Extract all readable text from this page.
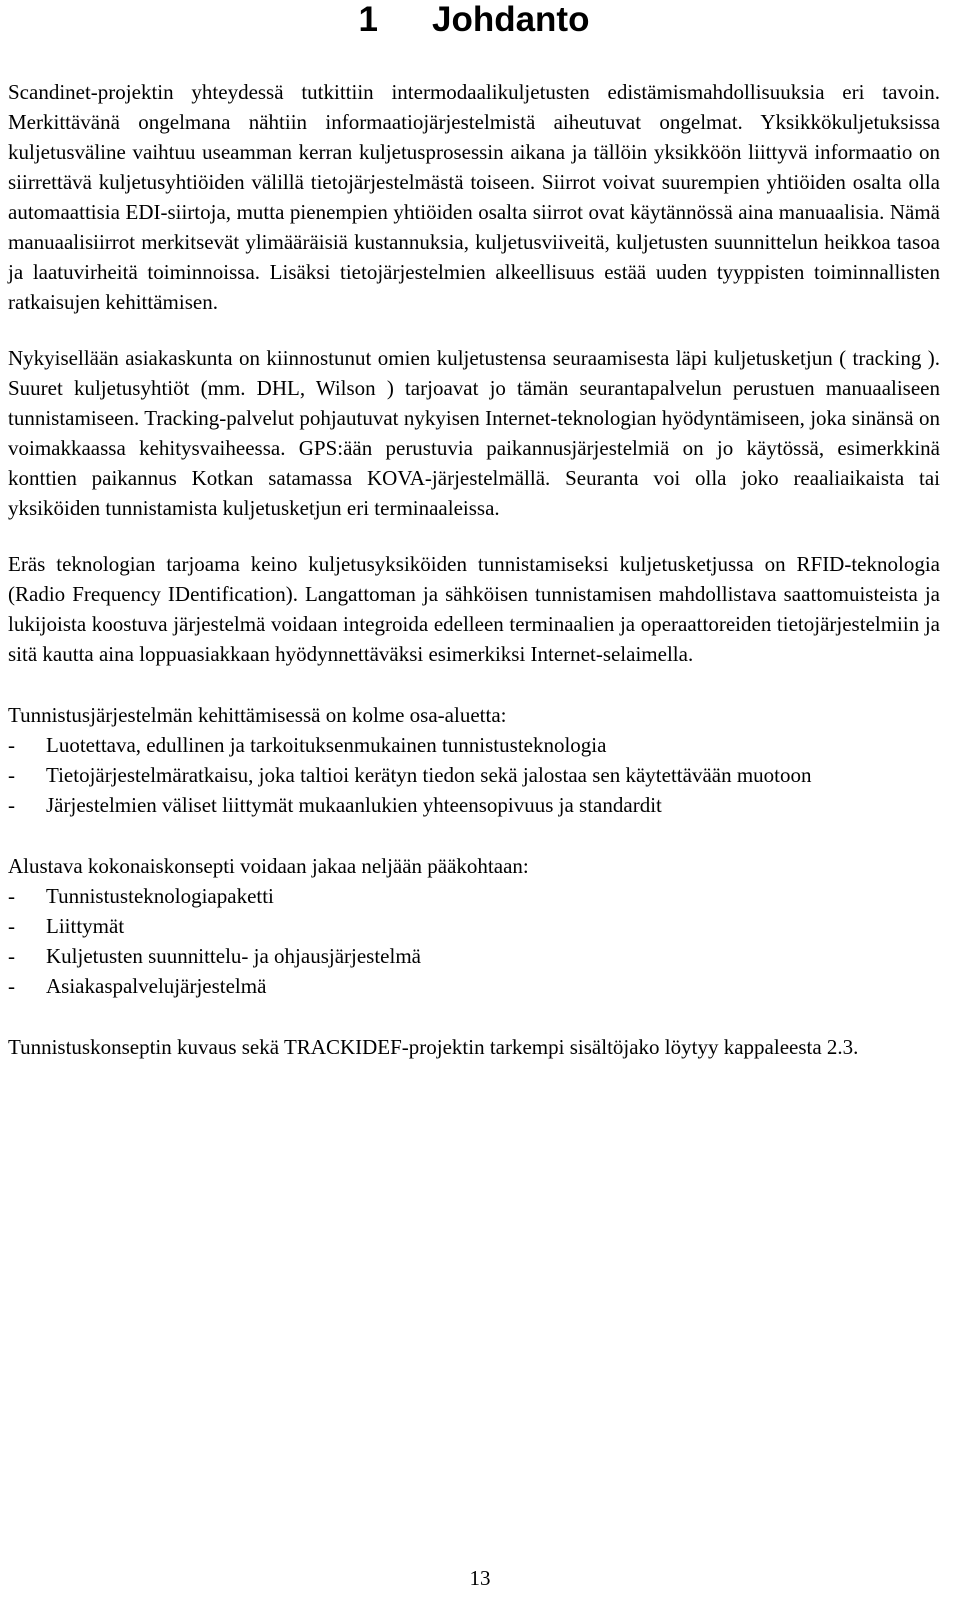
1 Johdanto

Scandinet-projektin yhteydessä tutkittiin intermodaalikuljetusten edistämismahdollisuuksia eri tavoin. Merkittävänä ongelmana nähtiin informaatiojärjestelmistä aiheutuvat ongelmat. Yksikkökuljetuksissa kuljetusväline vaihtuu useamman kerran kuljetusprosessin aikana ja tällöin yksikköön liittyvä informaatio on siirrettävä kuljetusyhtiöiden välillä tietojärjestelmästä toiseen. Siirrot voivat suurempien yhtiöiden osalta olla automaattisia EDI-siirtoja, mutta pienempien yhtiöiden osalta siirrot ovat käytännössä aina manuaalisia. Nämä manuaalisiirrot merkitsevät ylimääräisiä kustannuksia, kuljetusviiveitä, kuljetusten suunnittelun heikkoa tasoa ja laatuvirheitä toiminnoissa. Lisäksi tietojärjestelmien alkeellisuus estää uuden tyyppisten toiminnallisten ratkaisujen kehittämisen.

Nykyisellään asiakaskunta on kiinnostunut omien kuljetustensa seuraamisesta läpi kuljetusketjun ( tracking ). Suuret kuljetusyhtiöt (mm. DHL, Wilson ) tarjoavat jo tämän seurantapalvelun perustuen manuaaliseen tunnistamiseen. Tracking-palvelut pohjautuvat nykyisen Internet-teknologian hyödyntämiseen, joka sinänsä on voimakkaassa kehitysvaiheessa. GPS:ään perustuvia paikannusjärjestelmiä on jo käytössä, esimerkkinä konttien paikannus Kotkan satamassa KOVA-järjestelmällä. Seuranta voi olla joko reaaliaikaista tai yksiköiden tunnistamista kuljetusketjun eri terminaaleissa.

Eräs teknologian tarjoama keino kuljetusyksiköiden tunnistamiseksi kuljetusketjussa on RFID-teknologia (Radio Frequency IDentification). Langattoman ja sähköisen tunnistamisen mahdollistava saattomuisteista ja lukijoista koostuva järjestelmä voidaan integroida edelleen terminaalien ja operaattoreiden tietojärjestelmiin ja sitä kautta aina loppuasiakkaan hyödynnettäväksi esimerkiksi Internet-selaimella.

Tunnistusjärjestelmän kehittämisessä on kolme osa-aluetta:

- Luotettava, edullinen ja tarkoituksenmukainen tunnistusteknologia
- Tietojärjestelmäratkaisu, joka taltioi kerätyn tiedon sekä jalostaa sen käytettävään muotoon
- Järjestelmien väliset liittymät mukaanlukien yhteensopivuus ja standardit

Alustava kokonaiskonsepti voidaan jakaa neljään pääkohtaan:

- Tunnistusteknologiapaketti
- Liittymät
- Kuljetusten suunnittelu- ja ohjausjärjestelmä
- Asiakaspalvelujärjestelmä

Tunnistuskonseptin kuvaus sekä TRACKIDEF-projektin tarkempi sisältöjako löytyy kappaleesta 2.3.

13
